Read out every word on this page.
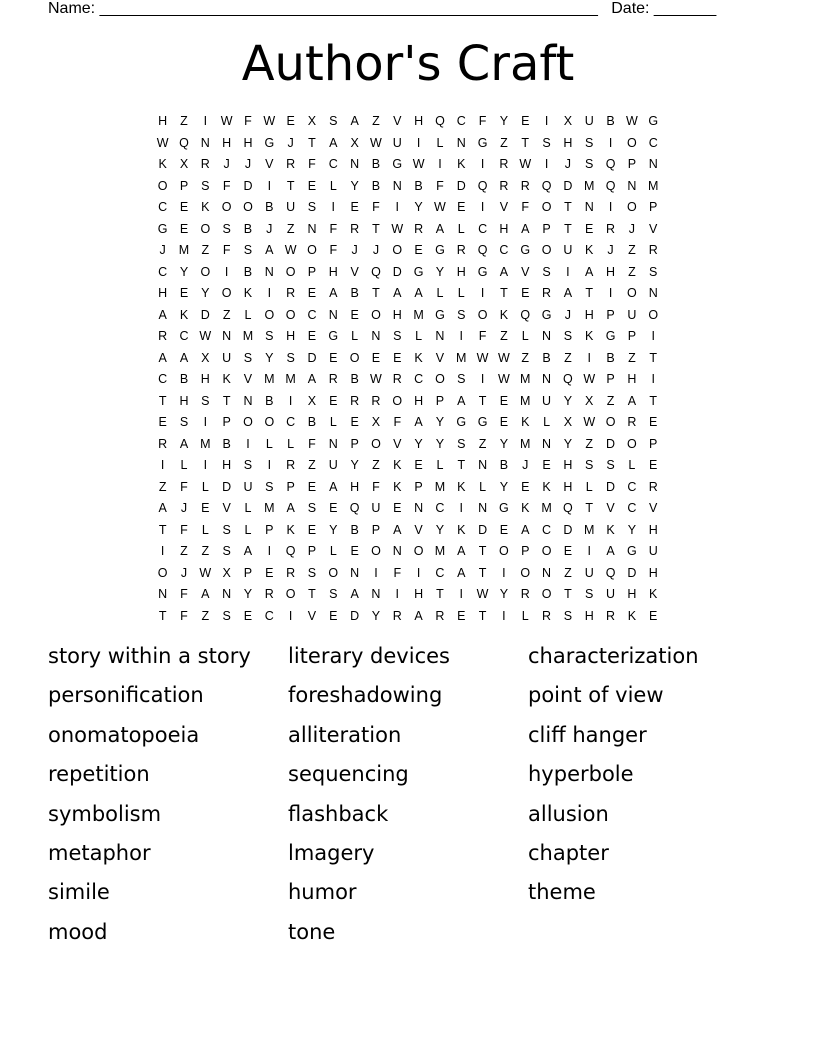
Name: ________________________________________________________ Date: _______
Author's Craft
H	Z	I	W F W E	X	S	A	Z	V	H Q C	F	Y	E	I	X	U	B W G
W Q N H H G	J	T	A	X W U	I	L	N G	Z	T	S	H	S	I	O C
K	X	R	J	J	V	R	F	C N	B G W	I	K	I	R W	I	J	S Q P	N
O P	S	F	D	I	T	E	L	Y	B	N	B	F	D Q R R Q D M Q N M
C	E	K O O B	U	S	I	E	F	I	Y W E	I	V	F	O	T	N	I	O P
G E O S	B	J	Z	N	F	R	T W R	A	L	C H	A	P	T	E	R	J	V
J	M Z	F	S	A W O	F	J	J	O E G R Q C G O U	K	J	Z	R
C	Y O	I	B	N O P	H	V Q D G Y	H G A	V	S	I	A	H	Z	S
H	E	Y O K	I	R	E	A	B	T	A	A	L	L	I	T	E	R	A	T	I	O N
A	K	D	Z	L	O O C N	E O H M G S O K Q G	J	H	P	U O
R C W N M S	H	E G	L	N	S	L	N	I	F	Z	L	N	S	K G P	I
A	A	X	U	S	Y	S	D	E O E	E	K	V M W W Z	B	Z	I	B	Z	T
C	B	H	K	V M M A	R	B W R C O S	I	W M N Q W P	H	I
T	H	S	T	N	B	I	X	E	R R O H	P	A	T	E M U	Y	X	Z	A	T
E	S	I	P O O C	B	L	E	X	F	A	Y G G E	K	L	X W O R	E
R	A M B	I	L	L	F	N	P O V	Y	Y	S	Z	Y M N	Y	Z	D O P
I	L	I	H	S	I	R	Z	U	Y	Z	K	E	L	T	N	B	J	E	H	S	S	L	E
Z	F	L	D U	S	P	E	A	H	F	K	P M K	L	Y	E	K	H	L	D C R
A	J	E	V	L	M A	S	E Q U	E	N C	I	N G K M Q	T	V	C	V
T	F	L	S	L	P	K	E	Y	B	P	A	V	Y	K	D	E	A	C D M K	Y	H
I	Z	Z	S	A	I	Q P	L	E O N O M A	T	O P O E	I	A G U
O	J W X	P	E	R	S O N	I	F	I	C	A	T	I	O N	Z	U Q D H
N	F	A	N	Y	R O	T	S	A	N	I	H	T	I	W Y	R O	T	S	U H	K
T	F	Z	S	E	C	I	V	E	D	Y	R	A	R	E	T	I	L	R	S	H R	K	E
story within a story	literary devices	characterization
personification	foreshadowing	point of view
onomatopoeia	alliteration	cliff hanger
repetition	sequencing	hyperbole
symbolism	flashback	allusion
metaphor	lmagery	chapter
simile	humor	theme
mood	tone
